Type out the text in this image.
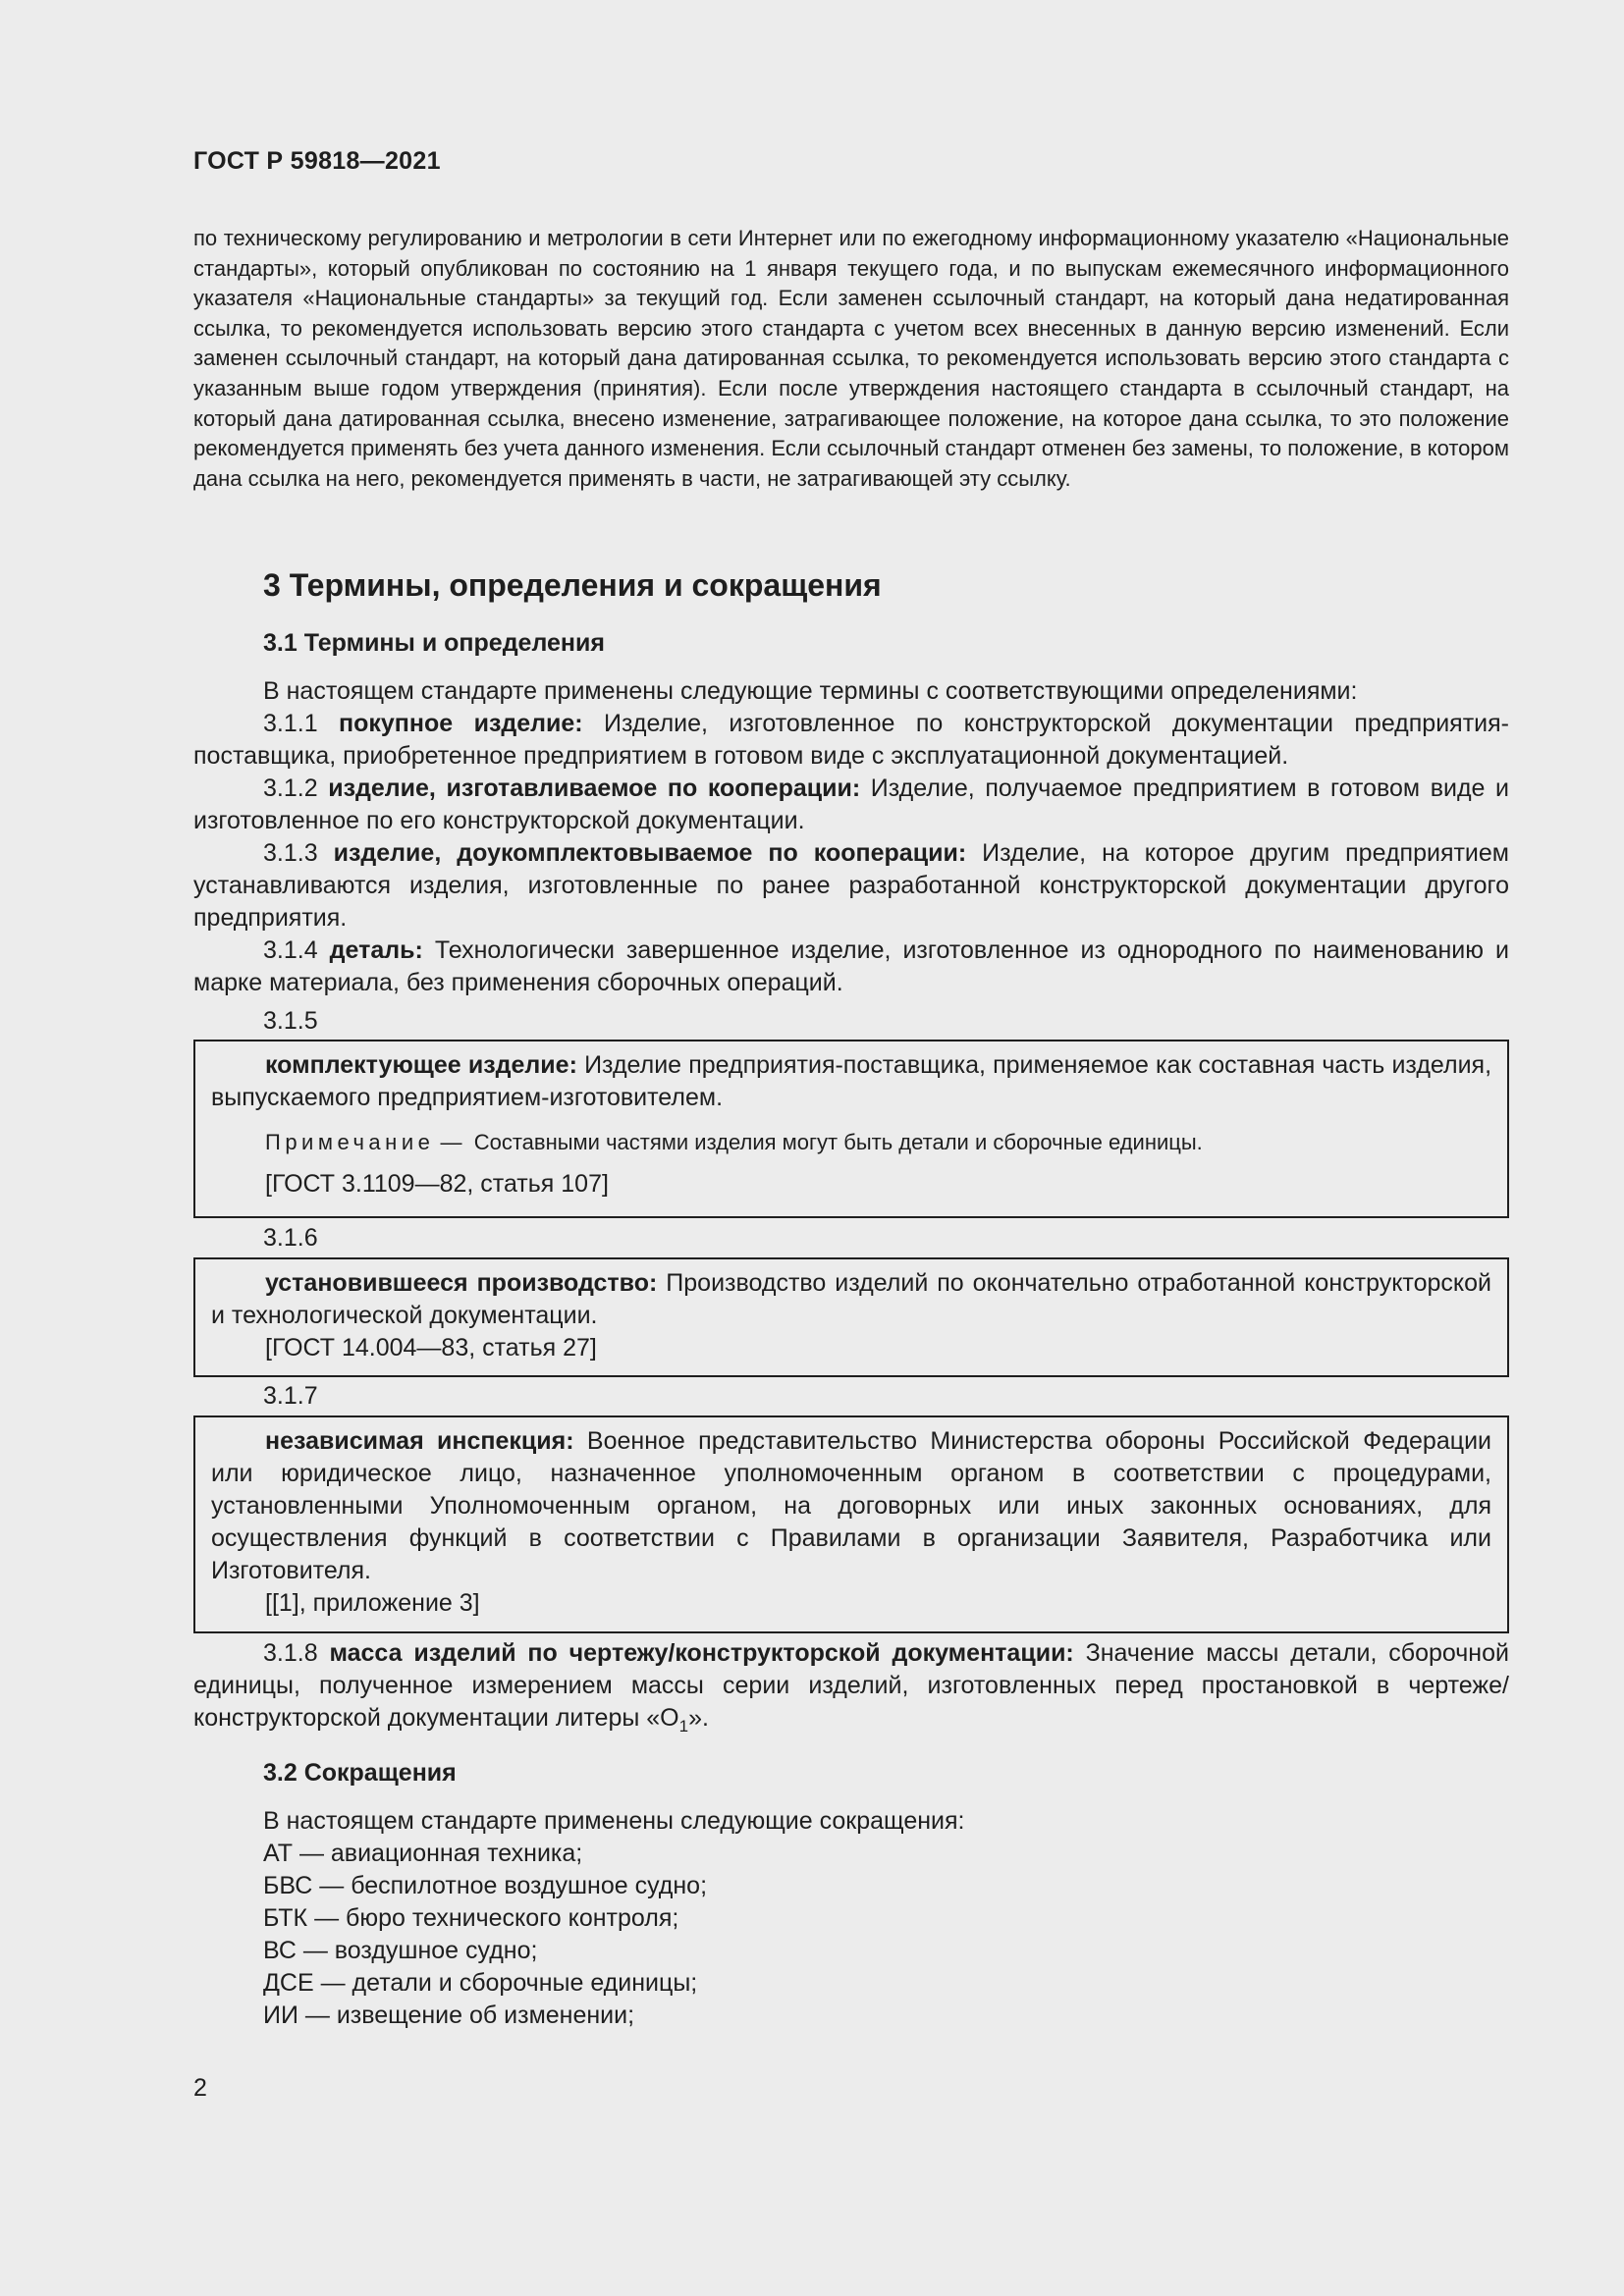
ГОСТ Р 59818—2021
по техническому регулированию и метрологии в сети Интернет или по ежегодному информационному указателю «Национальные стандарты», который опубликован по состоянию на 1 января текущего года, и по выпускам ежемесячного информационного указателя «Национальные стандарты» за текущий год. Если заменен ссылочный стандарт, на который дана недатированная ссылка, то рекомендуется использовать версию этого стандарта с учетом всех внесенных в данную версию изменений. Если заменен ссылочный стандарт, на который дана датированная ссылка, то рекомендуется использовать версию этого стандарта с указанным выше годом утверждения (принятия). Если после утверждения настоящего стандарта в ссылочный стандарт, на который дана датированная ссылка, внесено изменение, затрагивающее положение, на которое дана ссылка, то это положение рекомендуется применять без учета данного изменения. Если ссылочный стандарт отменен без замены, то положение, в котором дана ссылка на него, рекомендуется применять в части, не затрагивающей эту ссылку.
3 Термины, определения и сокращения
3.1 Термины и определения

В настоящем стандарте применены следующие термины с соответствующими определениями:

3.1.1 покупное изделие: Изделие, изготовленное по конструкторской документации предприятия-поставщика, приобретенное предприятием в готовом виде с эксплуатационной документацией.

3.1.2 изделие, изготавливаемое по кооперации: Изделие, получаемое предприятием в готовом виде и изготовленное по его конструкторской документации.

3.1.3 изделие, доукомплектовываемое по кооперации: Изделие, на которое другим предприятием устанавливаются изделия, изготовленные по ранее разработанной конструкторской документации другого предприятия.

3.1.4 деталь: Технологически завершенное изделие, изготовленное из однородного по наименованию и марке материала, без применения сборочных операций.

3.1.5

комплектующее изделие: Изделие предприятия-поставщика, применяемое как составная часть изделия, выпускаемого предприятием-изготовителем.

Примечание — Составными частями изделия могут быть детали и сборочные единицы.

[ГОСТ 3.1109—82, статья 107]

3.1.6

установившееся производство: Производство изделий по окончательно отработанной конструкторской и технологической документации.

[ГОСТ 14.004—83, статья 27]

3.1.7

независимая инспекция: Военное представительство Министерства обороны Российской Федерации или юридическое лицо, назначенное уполномоченным органом в соответствии с процедурами, установленными Уполномоченным органом, на договорных или иных законных основаниях, для осуществления функций в соответствии с Правилами в организации Заявителя, Разработчика или Изготовителя.

[[1], приложение 3]

3.1.8 масса изделий по чертежу/конструкторской документации: Значение массы детали, сборочной единицы, полученное измерением массы серии изделий, изготовленных перед простановкой в чертеже/конструкторской документации литеры «$О_1$».

3.2 Сокращения

В настоящем стандарте применены следующие сокращения:

АТ — авиационная техника;

БВС — беспилотное воздушное судно;

БТК — бюро технического контроля;

ВС — воздушное судно;

ДСЕ — детали и сборочные единицы;

ИИ — извещение об изменении;

2
